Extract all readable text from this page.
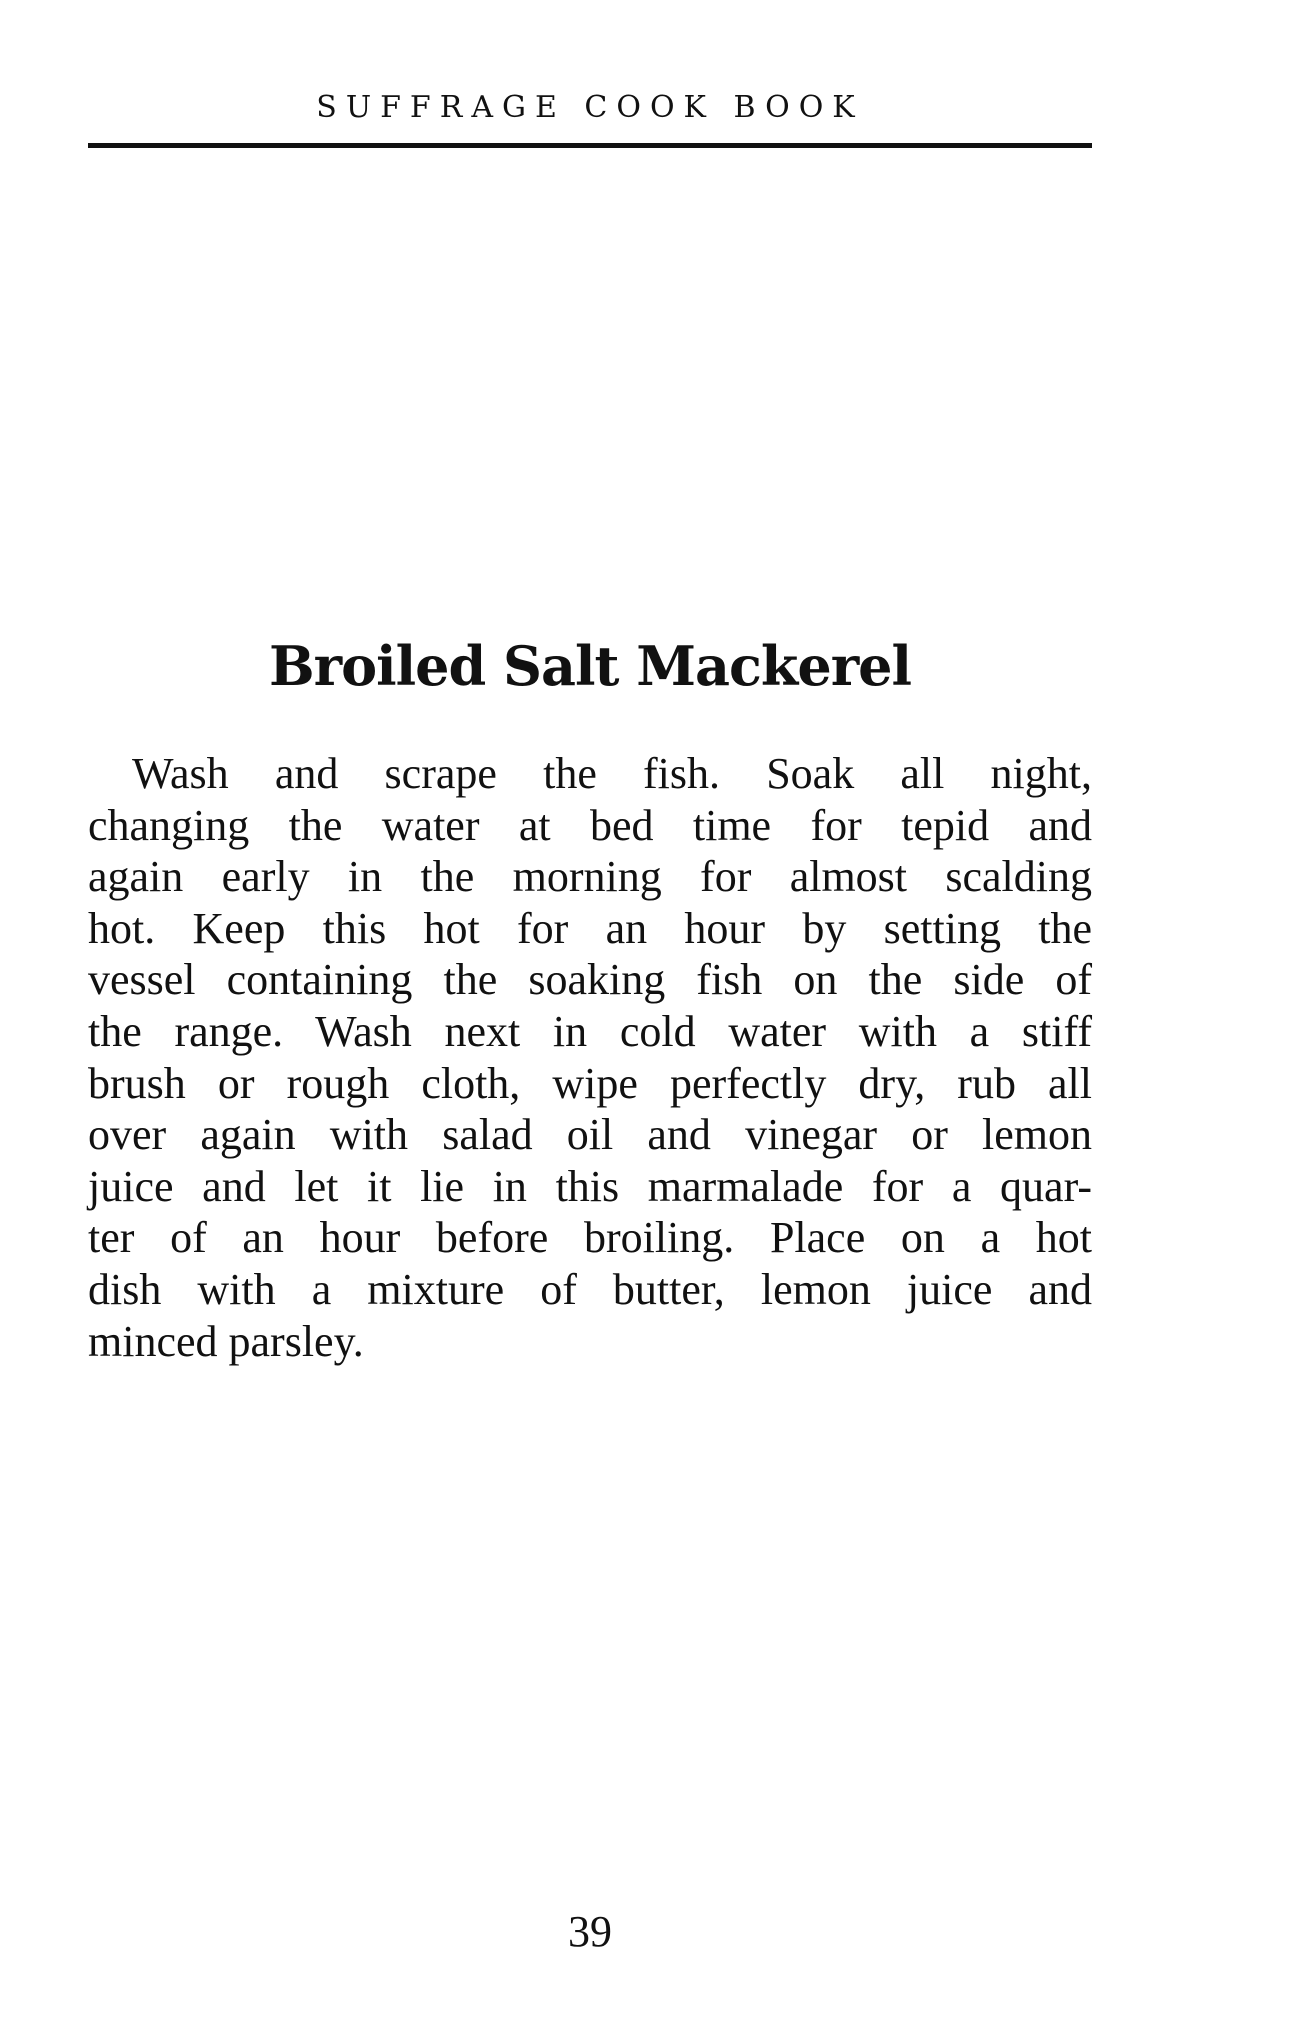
SUFFRAGE COOK BOOK
Broiled Salt Mackerel
Wash and scrape the fish. Soak all night,
changing the water at bed time for tepid and
again early in the morning for almost scalding
hot. Keep this hot for an hour by setting the
vessel containing the soaking fish on the side of
the range. Wash next in cold water with a stiff
brush or rough cloth, wipe perfectly dry, rub all
over again with salad oil and vinegar or lemon
juice and let it lie in this marmalade for a quar-
ter of an hour before broiling. Place on a hot
dish with a mixture of butter, lemon juice and
minced parsley.
39
